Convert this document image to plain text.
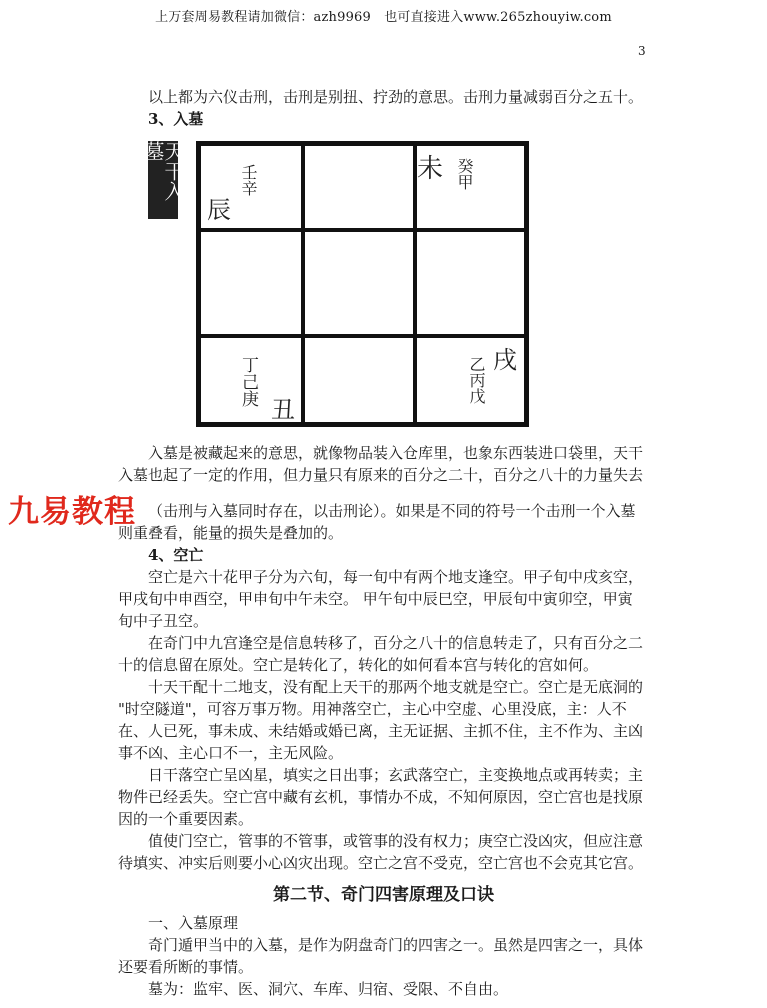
上万套周易教程请加微信：azh9969　也可直接进入www.265zhouyiw.com
3
以上都为六仪击刑，击刑是别扭、拧劲的意思。击刑力量减弱百分之五十。
3、入墓
天干入墓
辰
壬辛	未 癸甲
丁己庚
丑
戌
乙丙戊
入墓是被藏起来的意思，就像物品装入仓库里，也象东西装进口袋里，天干
入墓也起了一定的作用，但力量只有原来的百分之二十，百分之八十的力量失去
九易教程 （击刑与入墓同时存在，以击刑论）。如果是不同的符号一个击刑一个入墓
则重叠看，能量的损失是叠加的。
4、空亡
空亡是六十花甲子分为六旬，每一旬中有两个地支逢空。甲子旬中戌亥空，
甲戌旬中申酉空，甲申旬中午未空。 甲午旬中辰巳空，甲辰旬中寅卯空，甲寅
旬中子丑空。
在奇门中九宫逢空是信息转移了，百分之八十的信息转走了，只有百分之二
十的信息留在原处。空亡是转化了，转化的如何看本宫与转化的宫如何。
十天干配十二地支，没有配上天干的那两个地支就是空亡。空亡是无底洞的
"时空隧道"，可容万事万物。用神落空亡，主心中空虚、心里没底，主：人不
在、人已死，事未成、未结婚或婚已离，主无证据、主抓不住，主不作为、主凶
事不凶、主心口不一，主无风险。
日干落空亡呈凶星，填实之日出事；玄武落空亡，主变换地点或再转卖；主
物件已经丢失。空亡宫中藏有玄机，事情办不成，不知何原因，空亡宫也是找原
因的一个重要因素。
值使门空亡，管事的不管事，或管事的没有权力；庚空亡没凶灾，但应注意
待填实、冲实后则要小心凶灾出现。空亡之宫不受克，空亡宫也不会克其它宫。
第二节、奇门四害原理及口诀
一、入墓原理
奇门遁甲当中的入墓，是作为阴盘奇门的四害之一。虽然是四害之一，具体
还要看所断的事情。
墓为：监牢、医、洞穴、车库、归宿、受限、不自由。
